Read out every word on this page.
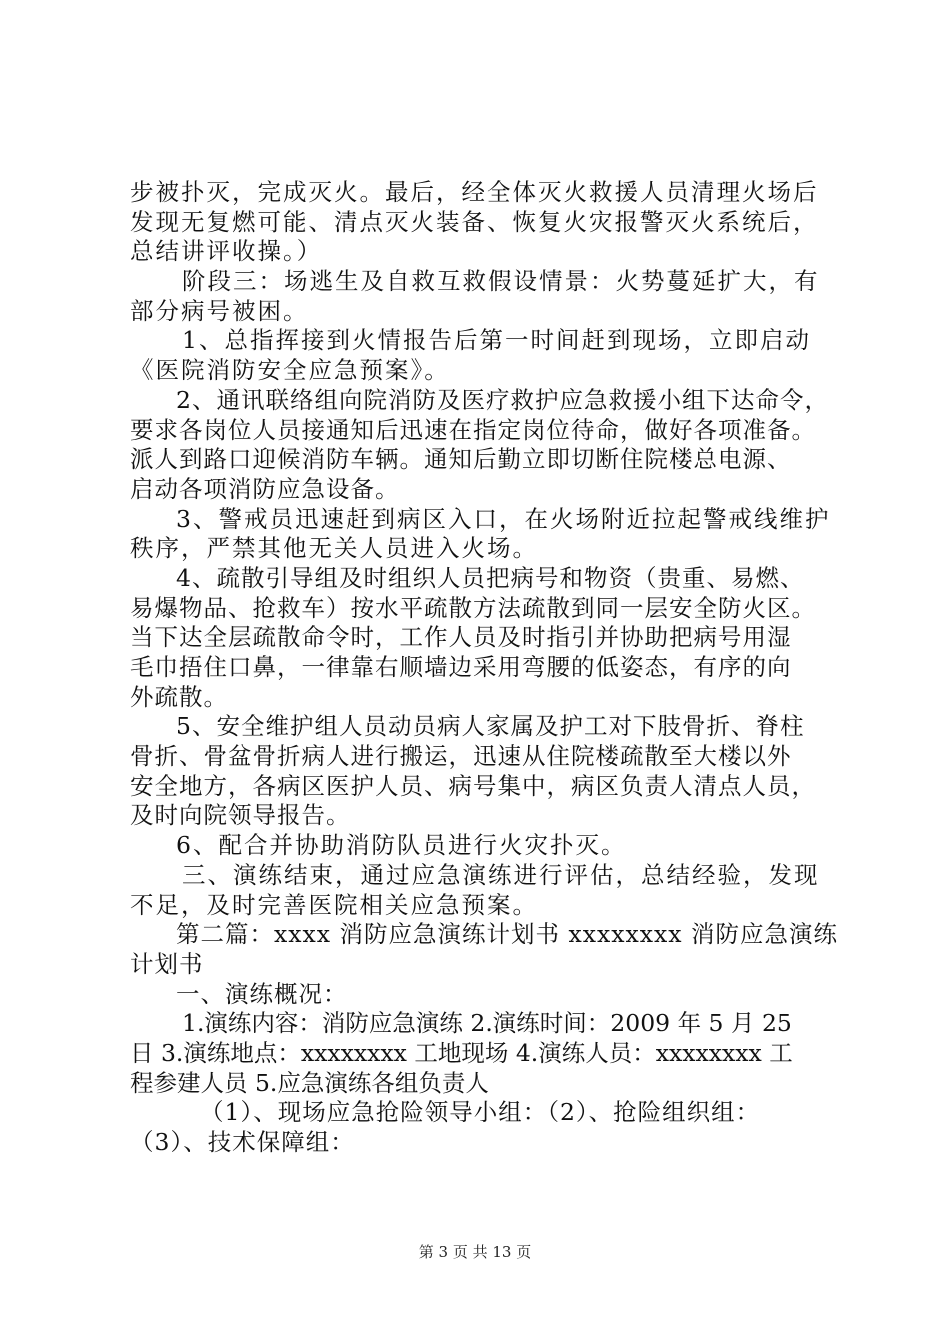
步被扑灭，完成灭火。最后，经全体灭火救援人员清理火场后
发现无复燃可能、清点灭火装备、恢复火灾报警灭火系统后，
总结讲评收操。）
阶段三：场逃生及自救互救假设情景：火势蔓延扩大，有
部分病号被困。
1、总指挥接到火情报告后第一时间赶到现场，立即启动
《医院消防安全应急预案》。
2、通讯联络组向院消防及医疗救护应急救援小组下达命令，
要求各岗位人员接通知后迅速在指定岗位待命，做好各项准备。
派人到路口迎候消防车辆。通知后勤立即切断住院楼总电源、
启动各项消防应急设备。
3、警戒员迅速赶到病区入口，在火场附近拉起警戒线维护
秩序，严禁其他无关人员进入火场。
4、疏散引导组及时组织人员把病号和物资（贵重、易燃、
易爆物品、抢救车）按水平疏散方法疏散到同一层安全防火区。
当下达全层疏散命令时，工作人员及时指引并协助把病号用湿
毛巾捂住口鼻，一律靠右顺墙边采用弯腰的低姿态，有序的向
外疏散。
5、安全维护组人员动员病人家属及护工对下肢骨折、脊柱
骨折、骨盆骨折病人进行搬运，迅速从住院楼疏散至大楼以外
安全地方，各病区医护人员、病号集中，病区负责人清点人员，
及时向院领导报告。
6、配合并协助消防队员进行火灾扑灭。
三、演练结束，通过应急演练进行评估，总结经验，发现
不足，及时完善医院相关应急预案。
第二篇：xxxx 消防应急演练计划书 xxxxxxxx 消防应急演练
计划书
一、演练概况：
1.演练内容：消防应急演练 2.演练时间：2009 年 5 月 25
日 3.演练地点：xxxxxxxx 工地现场 4.演练人员：xxxxxxxx 工
程参建人员 5.应急演练各组负责人
（1）、现场应急抢险领导小组：（2）、抢险组织组：
（3）、技术保障组：
第 3 页 共 13 页
